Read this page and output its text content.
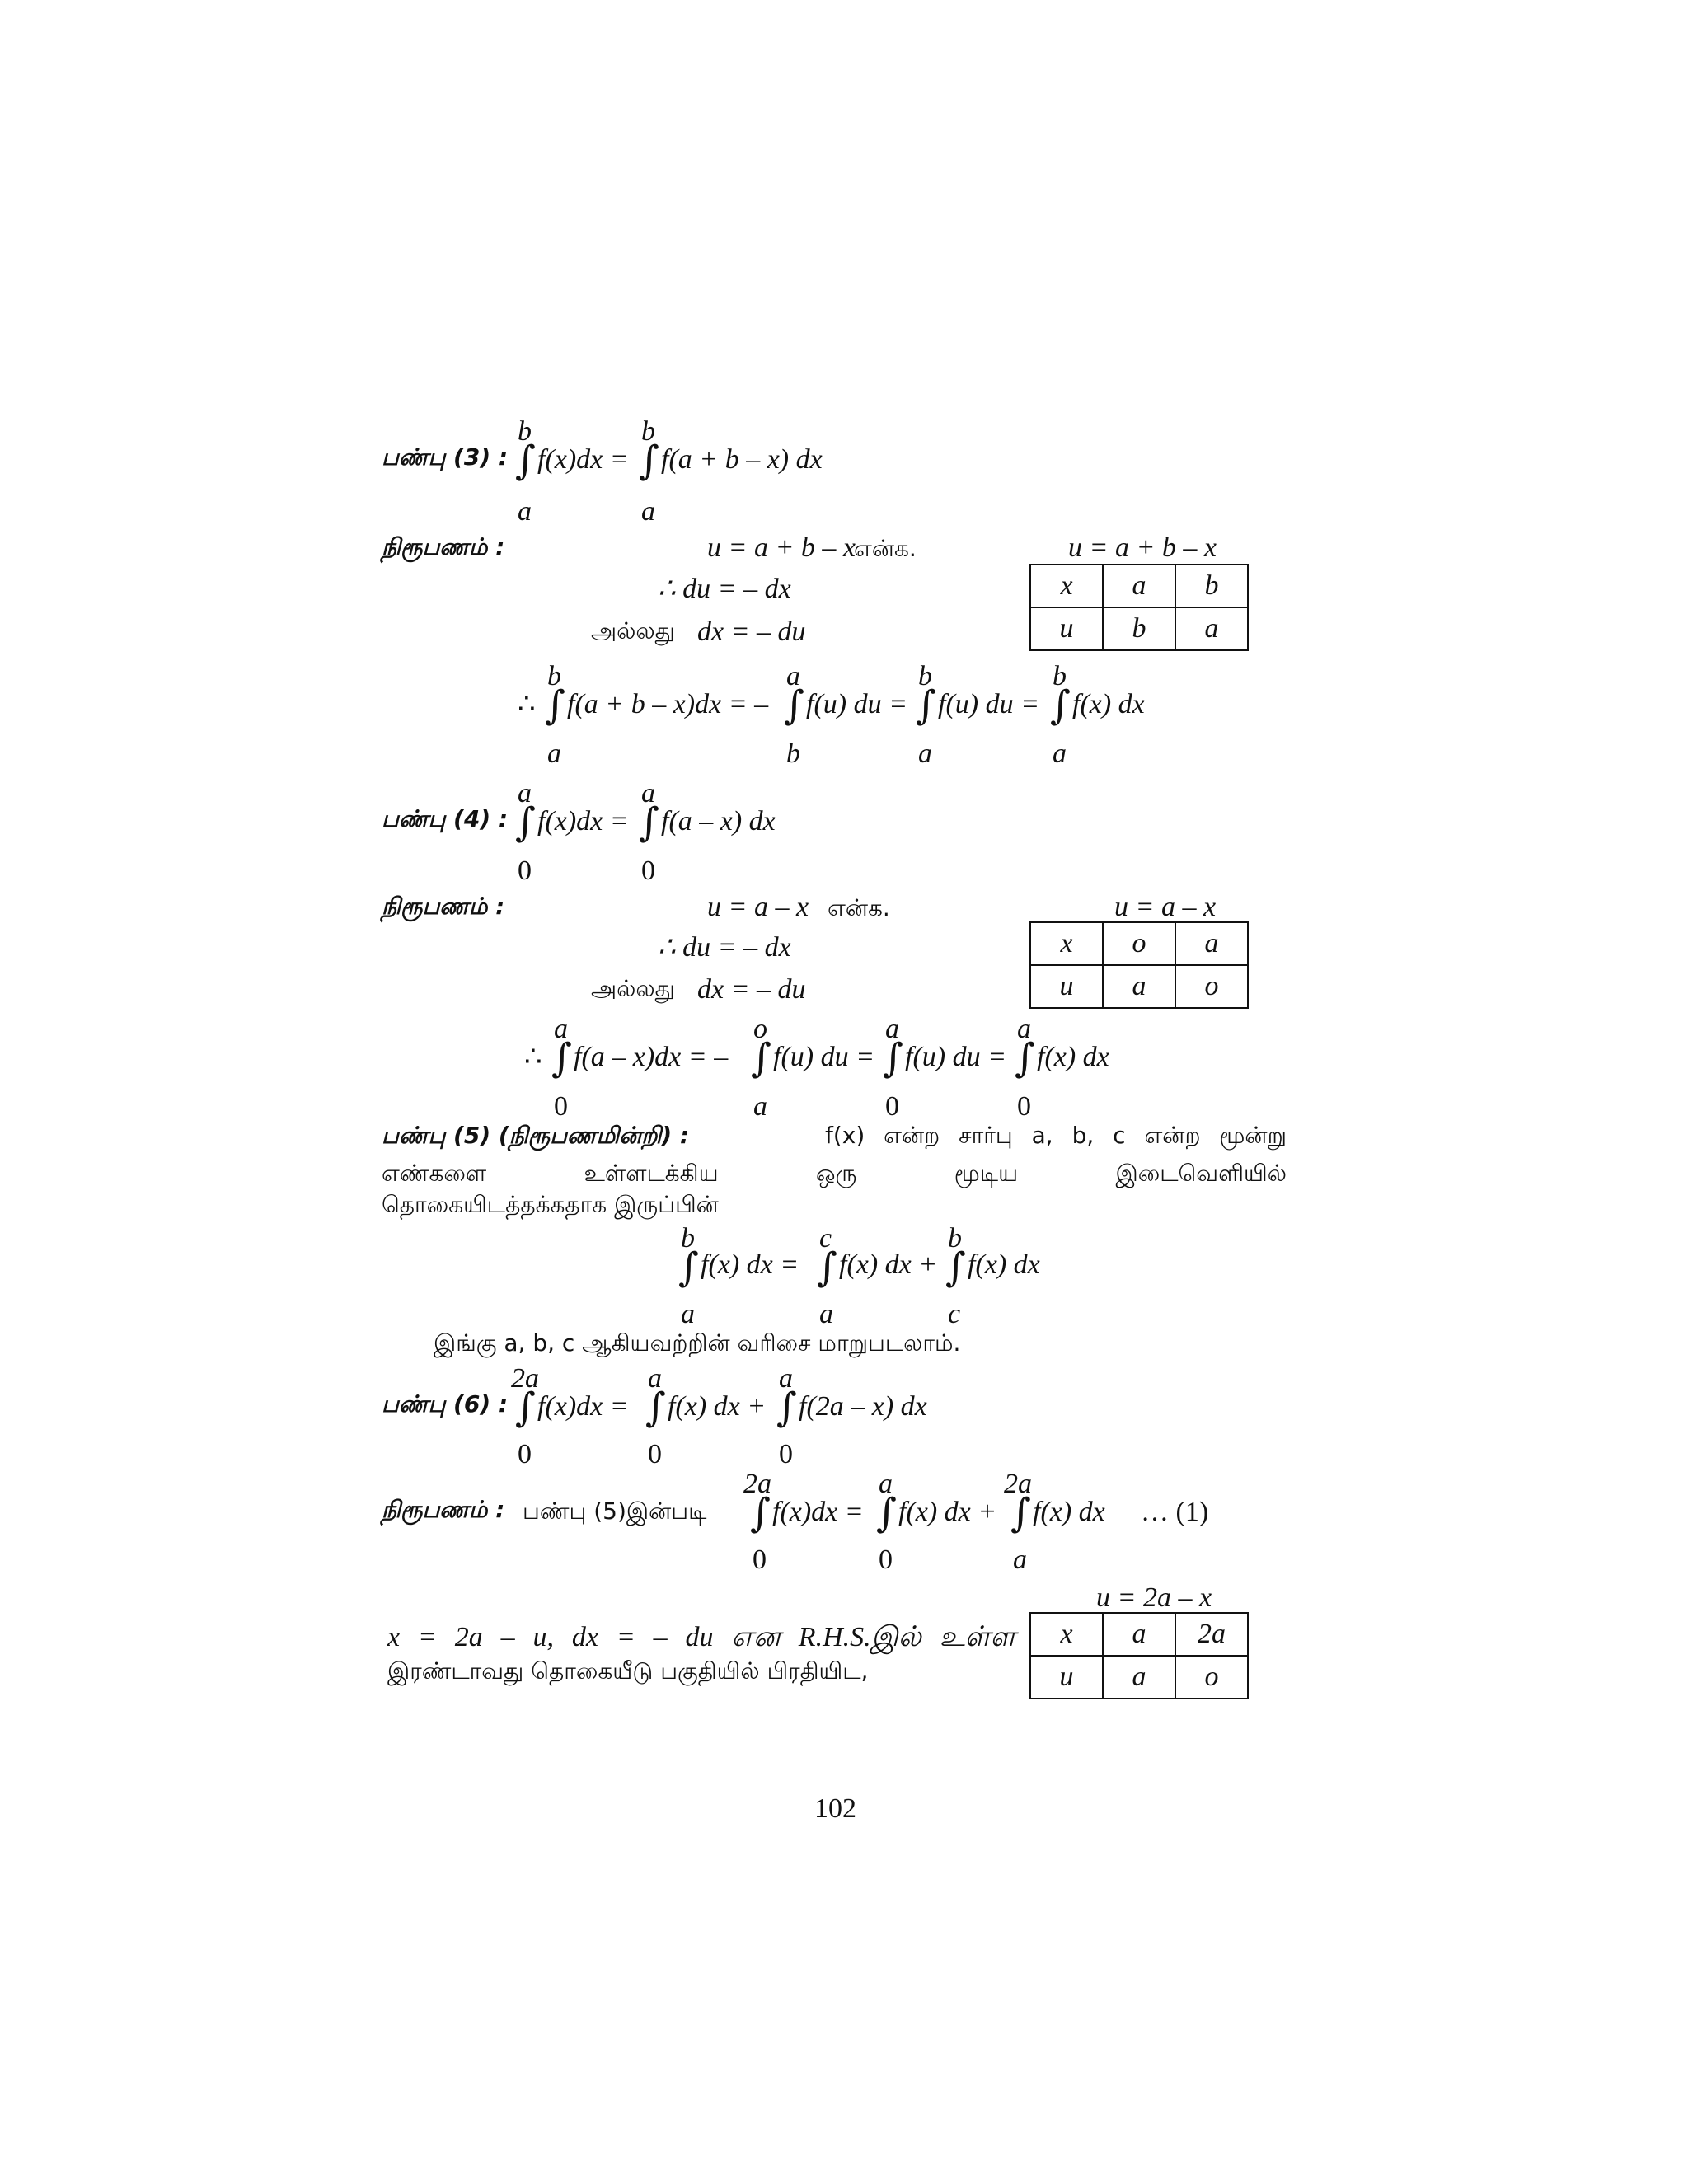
பண்பு (3) :
b
∫
a
f(x)dx =
b
∫
a
f(a + b – x) dx
நிரூபணம் :	u = a + b – x
என்க.
∴ du = – dx
அல்லது dx = – du
u = a + b – x
x	a	b
u	b	a
∴
b
∫
a
f(a + b – x)dx = –
a
∫
b
f(u) du =
b
∫
a
f(u) du =
b
∫
a
f(x) dx
பண்பு (4) :
a
∫
0
f(x)dx =
a
∫
0
f(a – x) dx
நிரூபணம் :	u = a – x என்க.
∴ du = – dx
அல்லது dx = – du
u = a – x
x	o	a
u	a	o
∴
a
∫
0
f(a – x)dx = –
o
∫
a
f(u) du =
a
∫
0
f(u) du =
a
∫
0
f(x) dx
பண்பு (5) (நிரூபணமின்றி) :	f(x) என்ற சார்பு a, b, c என்ற மூன்று
எண்களை உள்ளடக்கிய ஒரு மூடிய இடைவெளியில்
தொகையிடத்தக்கதாக இருப்பின்
b
∫
a
f(x) dx =
c
∫
a
f(x) dx +
b
∫
c
f(x) dx
இங்கு a, b, c ஆகியவற்றின் வரிசை மாறுபடலாம்.
பண்பு (6) :
2a
∫
0
f(x)dx =
a
∫
0
f(x) dx +
a
∫
0
f(2a – x) dx
நிரூபணம் : பண்பு (5)இன்படி
2a
∫
0
f(x)dx =
a
∫
0
f(x) dx +
2a
∫
a
f(x) dx … (1)
u = 2a – x
x	a	2a
u	a	o
x = 2a – u, dx = – du என R.H.S.இல் உள்ள
இரண்டாவது தொகையீடு பகுதியில் பிரதியிட,
102
